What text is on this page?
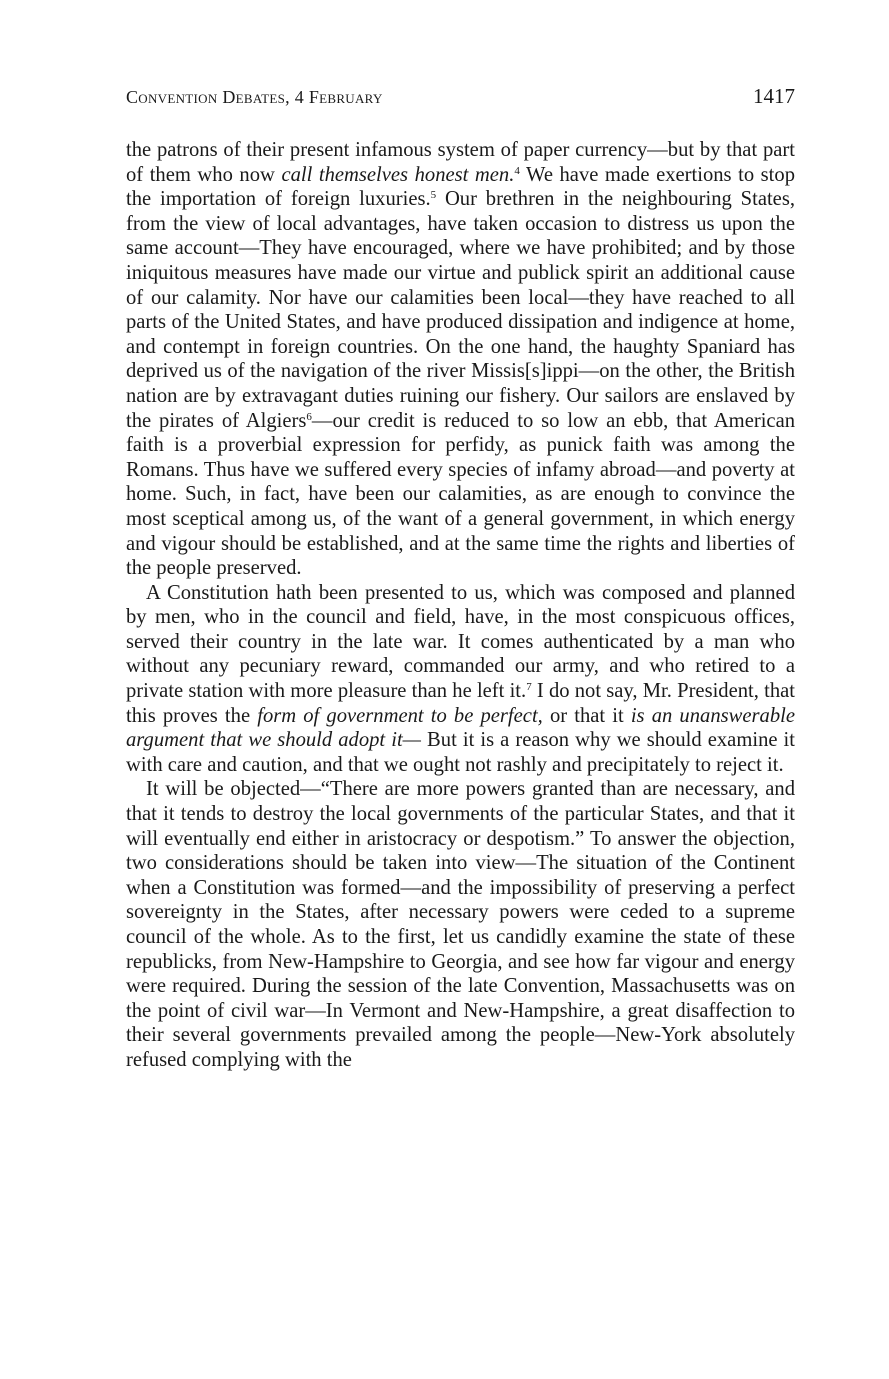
Convention Debates, 4 February	1417

the patrons of their present infamous system of paper currency—but by that part of them who now call themselves honest men.$^4$ We have made exertions to stop the importation of foreign luxuries.$^5$ Our brethren in the neighbouring States, from the view of local advantages, have taken occasion to distress us upon the same account—They have encouraged, where we have prohibited; and by those iniquitous measures have made our virtue and publick spirit an additional cause of our calamity. Nor have our calamities been local—they have reached to all parts of the United States, and have produced dissipation and indigence at home, and contempt in foreign countries. On the one hand, the haughty Spaniard has deprived us of the navigation of the river Missis[s]ippi—on the other, the British nation are by extravagant duties ruining our fishery. Our sailors are enslaved by the pirates of Algiers$^6$—our credit is reduced to so low an ebb, that American faith is a proverbial expression for perfidy, as punick faith was among the Romans. Thus have we suffered every species of infamy abroad—and poverty at home. Such, in fact, have been our calamities, as are enough to convince the most sceptical among us, of the want of a general government, in which energy and vigour should be established, and at the same time the rights and liberties of the people preserved.

A Constitution hath been presented to us, which was composed and planned by men, who in the council and field, have, in the most conspicuous offices, served their country in the late war. It comes authenticated by a man who without any pecuniary reward, commanded our army, and who retired to a private station with more pleasure than he left it.$^7$ I do not say, Mr. President, that this proves the form of government to be perfect, or that it is an unanswerable argument that we should adopt it— But it is a reason why we should examine it with care and caution, and that we ought not rashly and precipitately to reject it.

It will be objected—“There are more powers granted than are necessary, and that it tends to destroy the local governments of the particular States, and that it will eventually end either in aristocracy or despotism.” To answer the objection, two considerations should be taken into view—The situation of the Continent when a Constitution was formed—and the impossibility of preserving a perfect sovereignty in the States, after necessary powers were ceded to a supreme council of the whole. As to the first, let us candidly examine the state of these republicks, from New-Hampshire to Georgia, and see how far vigour and energy were required. During the session of the late Convention, Massachusetts was on the point of civil war—In Vermont and New-Hampshire, a great disaffection to their several governments prevailed among the people—New-York absolutely refused complying with the
